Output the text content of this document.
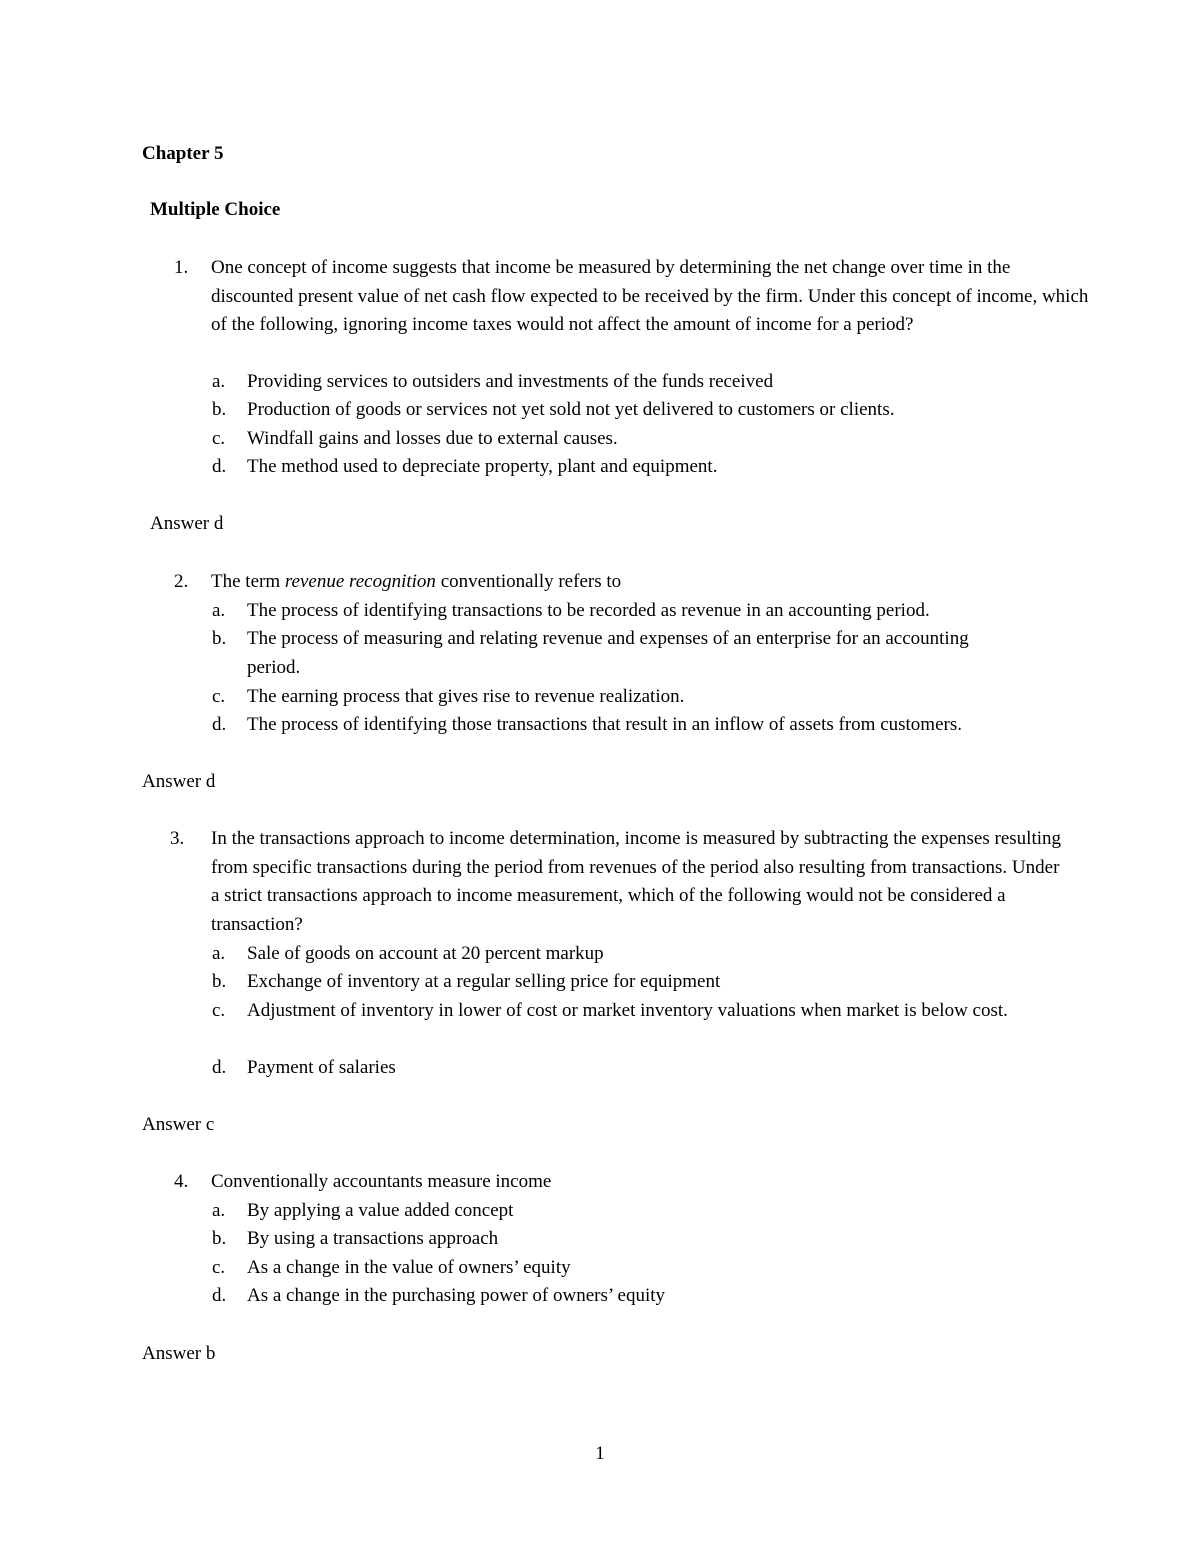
Chapter 5
Multiple Choice
1.	One concept of income suggests that income be measured by determining the net change over time in the discounted present value of net cash flow expected to be received by the firm. Under this concept of income, which of the following, ignoring income taxes would not affect the amount of income for a period?
a.	Providing services to outsiders and investments of the funds received
b.	Production of goods or services not yet sold not yet delivered to customers or clients.
c.	Windfall gains and losses due to external causes.
d.	The method used to depreciate property, plant and equipment.
Answer d
2.	The term revenue recognition conventionally refers to
a.	The process of identifying transactions to be recorded as revenue in an accounting period.
b.	The process of measuring and relating revenue and expenses of an enterprise for an accounting period.
c.	The earning process that gives rise to revenue realization.
d.	The process of identifying those transactions that result in an inflow of assets from customers.
Answer d
3.	In the transactions approach to income determination, income is measured by subtracting the expenses resulting from specific transactions during the period from revenues of the period also resulting from transactions. Under a strict transactions approach to income measurement, which of the following would not be considered a transaction?
a.	Sale of goods on account at 20 percent markup
b.	Exchange of inventory at a regular selling price for equipment
c.	Adjustment of inventory in lower of cost or market inventory valuations when market is below cost.
d.	Payment of salaries
Answer c
4.	Conventionally accountants measure income
a.	By applying a value added concept
b.	By using a transactions approach
c.	As a change in the value of owners’ equity
d.	As a change in the purchasing power of owners’ equity
Answer b
1
